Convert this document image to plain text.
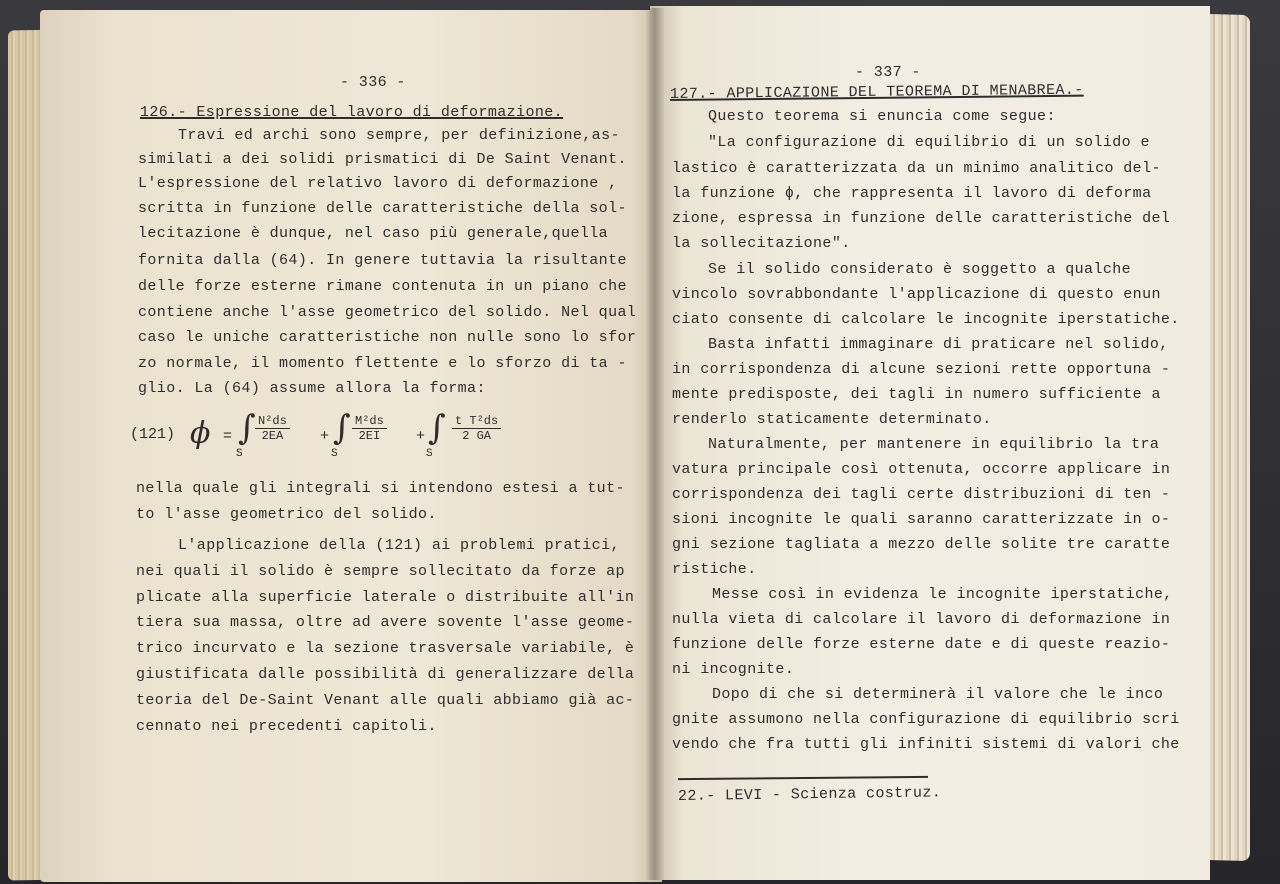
- 336 -
126.- Espressione del lavoro di deformazione.
Travi ed archi sono sempre, per definizione,as-
similati a dei solidi prismatici di De Saint Venant.
L'espressione del relativo lavoro di deformazione ,
scritta in funzione delle caratteristiche della sol-
lecitazione è dunque, nel caso più generale,quella
fornita dalla (64). In genere tuttavia la risultante
delle forze esterne rimane contenuta in un piano che
contiene anche l'asse geometrico del solido. Nel qual
caso le uniche caratteristiche non nulle sono lo sfor
zo normale, il momento flettente e lo sforzo di ta -
glio. La (64) assume allora la forma:
(121) ϕ = ∫
S
$\frac{\text{N²ds}}{2EA}$ + ∫
S
$\frac{\text{M²ds}}{2EI}$ + ∫
S
$\frac{\text{t T²ds}}{2 GA}$
nella quale gli integrali si intendono estesi a tut-
to l'asse geometrico del solido.
L'applicazione della (121) ai problemi pratici,
nei quali il solido è sempre sollecitato da forze ap
plicate alla superficie laterale o distribuite all'in
tiera sua massa, oltre ad avere sovente l'asse geome-
trico incurvato e la sezione trasversale variabile, è
giustificata dalle possibilità di generalizzare della
teoria del De-Saint Venant alle quali abbiamo già ac-
cennato nei precedenti capitoli.
- 337 -
127.- APPLICAZIONE DEL TEOREMA DI MENABREA.-
Questo teorema si enuncia come segue:
"La configurazione di equilibrio di un solido e
lastico è caratterizzata da un minimo analitico del-
la funzione ϕ, che rappresenta il lavoro di deforma
zione, espressa in funzione delle caratteristiche del
la sollecitazione".
Se il solido considerato è soggetto a qualche
vincolo sovrabbondante l'applicazione di questo enun
ciato consente di calcolare le incognite iperstatiche.
Basta infatti immaginare di praticare nel solido,
in corrispondenza di alcune sezioni rette opportuna -
mente predisposte, dei tagli in numero sufficiente a
renderlo staticamente determinato.
Naturalmente, per mantenere in equilibrio la tra
vatura principale così ottenuta, occorre applicare in
corrispondenza dei tagli certe distribuzioni di ten -
sioni incognite le quali saranno caratterizzate in o-
gni sezione tagliata a mezzo delle solite tre caratte
ristiche.
Messe così in evidenza le incognite iperstatiche,
nulla vieta di calcolare il lavoro di deformazione in
funzione delle forze esterne date e di queste reazio-
ni incognite.
Dopo di che si determinerà il valore che le inco
gnite assumono nella configurazione di equilibrio scri
vendo che fra tutti gli infiniti sistemi di valori che
22.- LEVI - Scienza costruz.
